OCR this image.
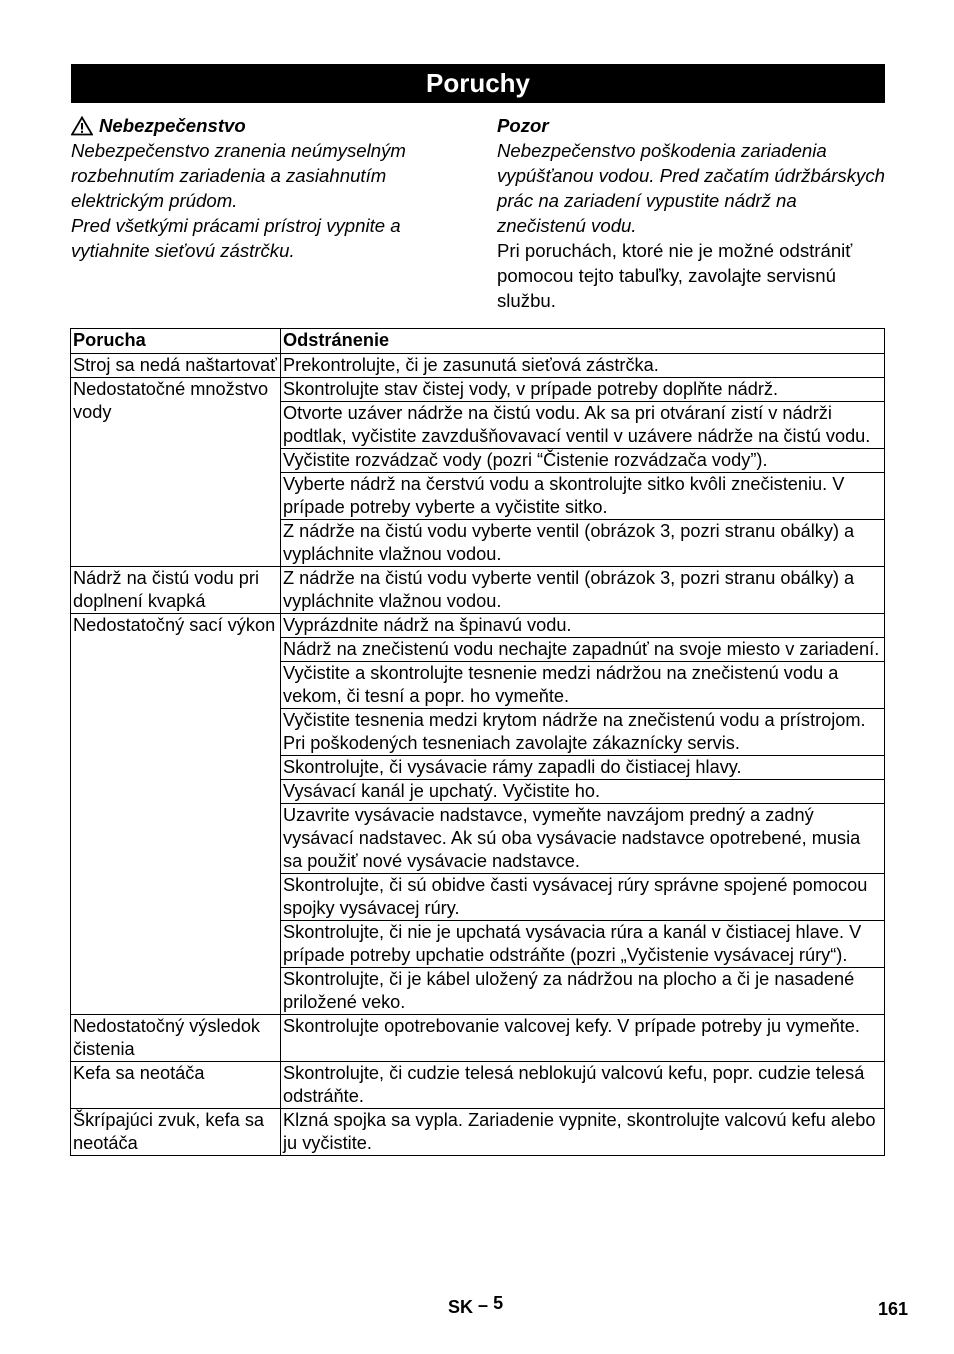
Poruchy
Nebezpečenstvo

Nebezpečenstvo zranenia neúmyselným rozbehnutím zariadenia a zasiahnutím elektrickým prúdom.

Pred všetkými prácami prístroj vypnite a vytiahnite sieťovú zástrčku.

Pozor

Nebezpečenstvo poškodenia zariadenia vypúšťanou vodou. Pred začatím údržbárskych prác na zariadení vypustite nádrž na znečistenú vodu.

Pri poruchách, ktoré nie je možné odstrániť pomocou tejto tabuľky, zavolajte servisnú službu.

Porucha	Odstránenie
Stroj sa nedá naštartovať	Prekontrolujte, či je zasunutá sieťová zástrčka.
Nedostatočné množstvo vody	Skontrolujte stav čistej vody, v prípade potreby doplňte nádrž.
	Otvorte uzáver nádrže na čistú vodu. Ak sa pri otváraní zistí v nádrži podtlak, vyčistite zavzdušňovavací ventil v uzávere nádrže na čistú vodu.
	Vyčistite rozvádzač vody (pozri “Čistenie rozvádzača vody”).
	Vyberte nádrž na čerstvú vodu a skontrolujte sitko kvôli znečisteniu. V prípade potreby vyberte a vyčistite sitko.
	Z nádrže na čistú vodu vyberte ventil (obrázok 3, pozri stranu obálky) a vypláchnite vlažnou vodou.
Nádrž na čistú vodu pri doplnení kvapká	Z nádrže na čistú vodu vyberte ventil (obrázok 3, pozri stranu obálky) a vypláchnite vlažnou vodou.
Nedostatočný sací výkon	Vyprázdnite nádrž na špinavú vodu.
	Nádrž na znečistenú vodu nechajte zapadnúť na svoje miesto v zariadení.
	Vyčistite a skontrolujte tesnenie medzi nádržou na znečistenú vodu a vekom, či tesní a popr. ho vymeňte.
	Vyčistite tesnenia medzi krytom nádrže na znečistenú vodu a prístrojom. Pri poškodených tesneniach zavolajte zákaznícky servis.
	Skontrolujte, či vysávacie rámy zapadli do čistiacej hlavy.
	Vysávací kanál je upchatý. Vyčistite ho.
	Uzavrite vysávacie nadstavce, vymeňte navzájom predný a zadný vysávací nadstavec. Ak sú oba vysávacie nadstavce opotrebené, musia sa použiť nové vysávacie nadstavce.
	Skontrolujte, či sú obidve časti vysávacej rúry správne spojené pomocou spojky vysávacej rúry.
	Skontrolujte, či nie je upchatá vysávacia rúra a kanál v čistiacej hlave. V prípade potreby upchatie odstráňte (pozri „Vyčistenie vysávacej rúry“).
	Skontrolujte, či je kábel uložený za nádržou na plocho a či je nasadené priložené veko.
Nedostatočný výsledok čistenia	Skontrolujte opotrebovanie valcovej kefy. V prípade potreby ju vymeňte.
Kefa sa neotáča	Skontrolujte, či cudzie telesá neblokujú valcovú kefu, popr. cudzie telesá odstráňte.
Škrípajúci zvuk, kefa sa neotáča	Klzná spojka sa vypla. Zariadenie vypnite, skontrolujte valcovú kefu alebo ju vyčistite.
SK – 5	161
